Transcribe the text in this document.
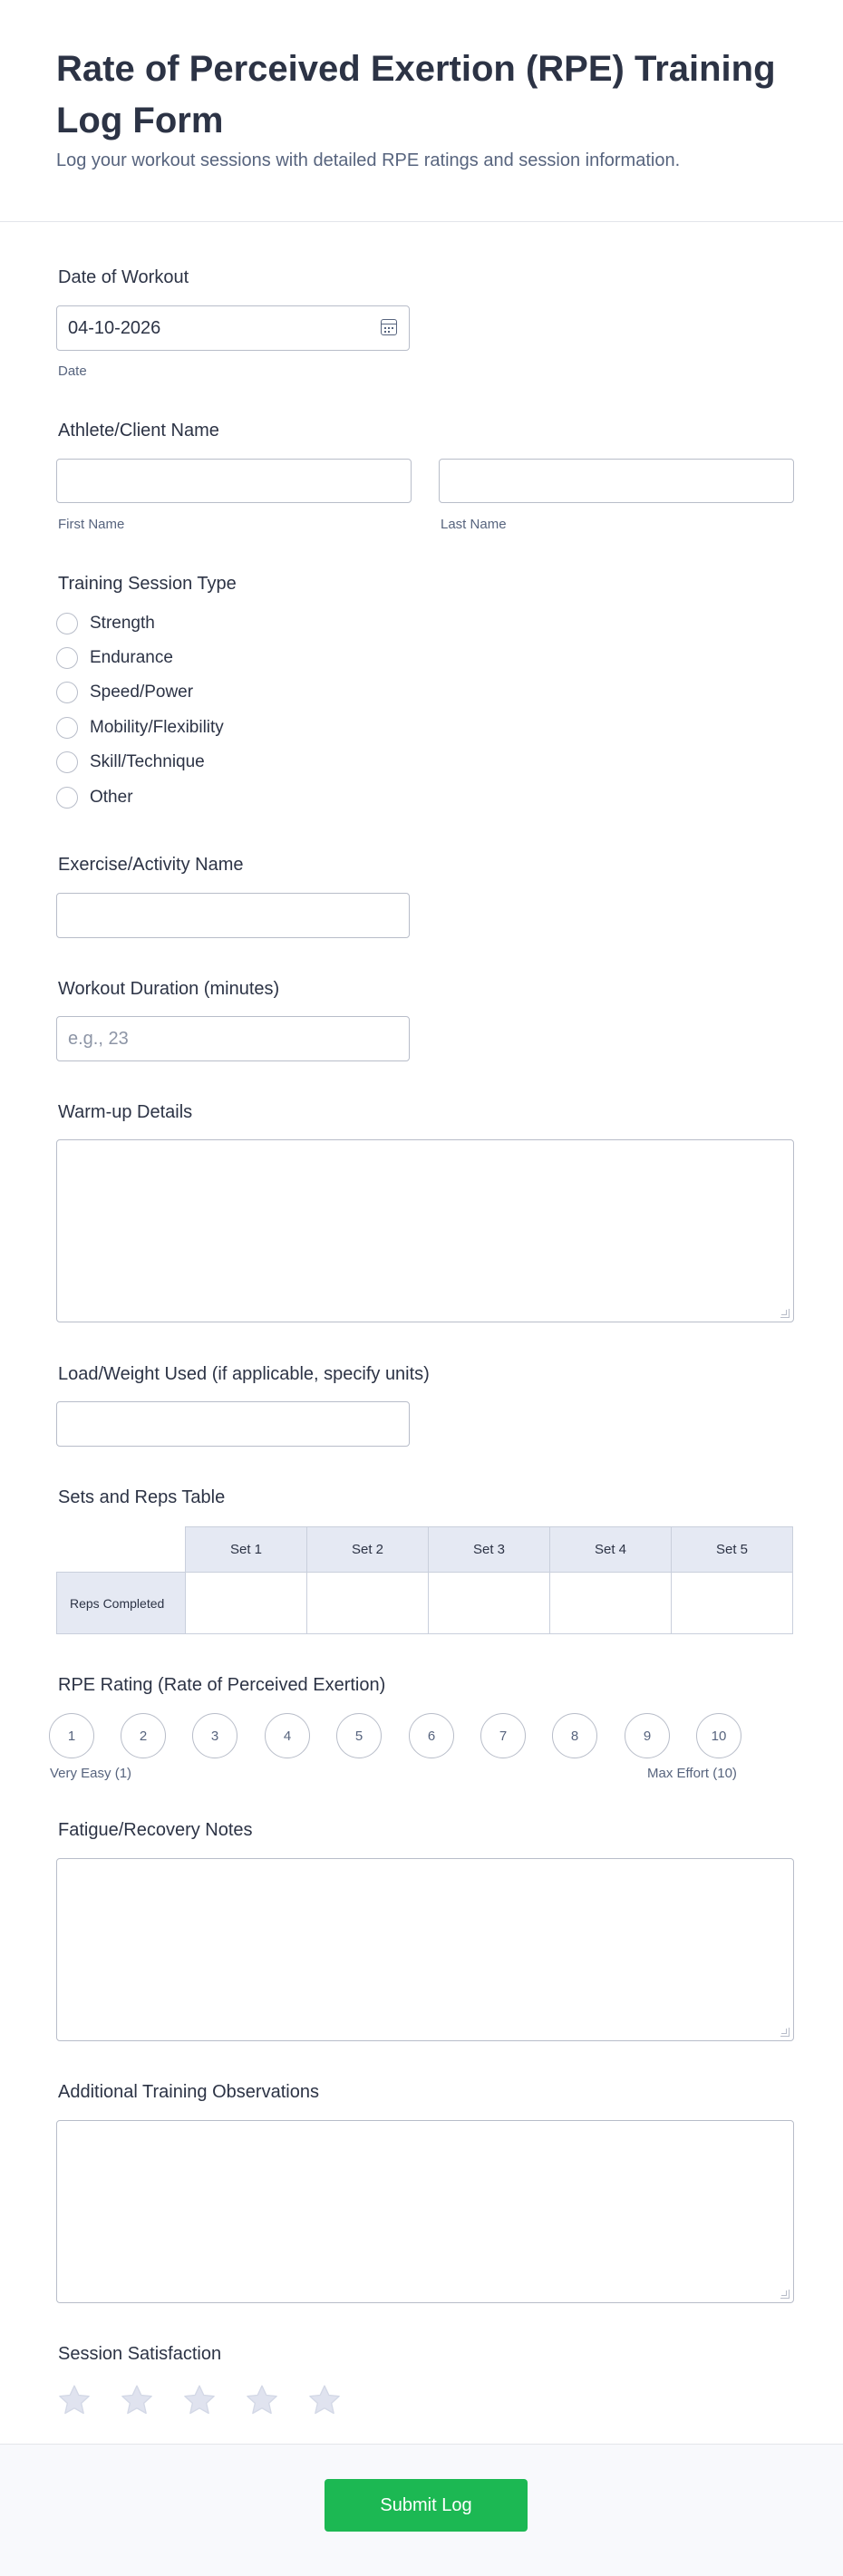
Rate of Perceived Exertion (RPE) Training Log Form

Log your workout sessions with detailed RPE ratings and session information.

Date of Workout
04-10-2026
Date
Athlete/Client Name
First Name	Last Name
Training Session Type
Strength
Endurance
Speed/Power
Mobility/Flexibility
Skill/Technique
Other
Exercise/Activity Name
Workout Duration (minutes)
e.g., 23
Warm-up Details
Load/Weight Used (if applicable, specify units)
Sets and Reps Table
	Set 1	Set 2	Set 3	Set 4	Set 5
Reps Completed					
RPE Rating (Rate of Perceived Exertion)
1	2	3	4	5	6	7	8	9	10
Very Easy (1)	Max Effort (10)
Fatigue/Recovery Notes
Additional Training Observations
Session Satisfaction
Submit Log
